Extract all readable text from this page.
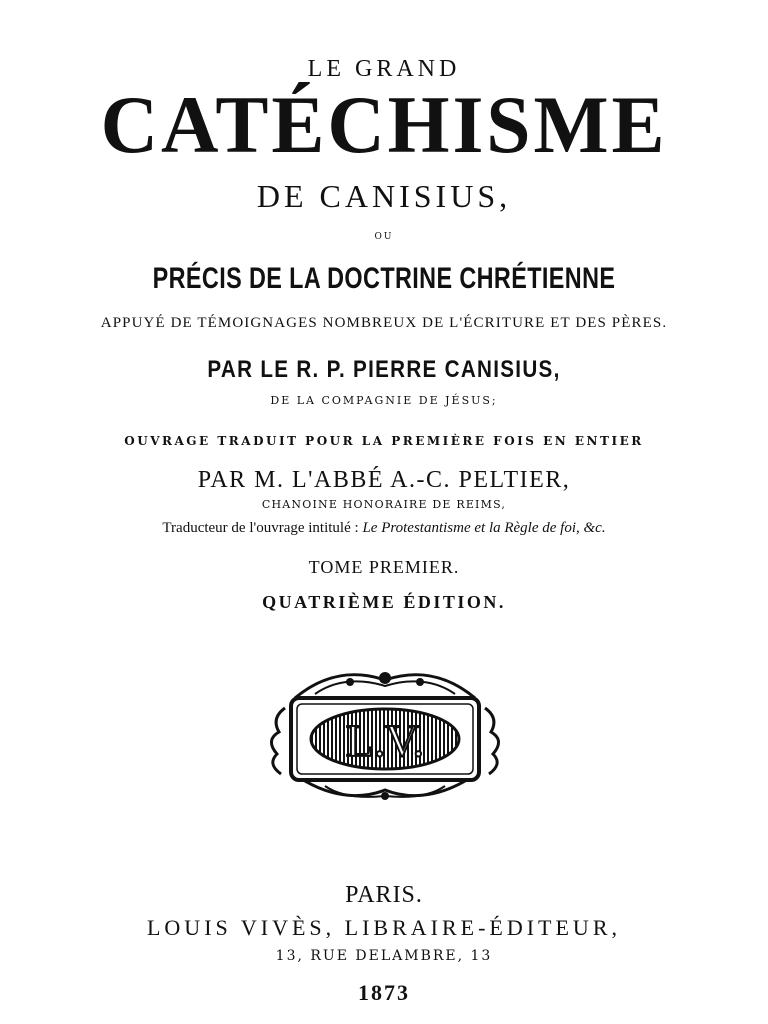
LE GRAND
CATÉCHISME
DE CANISIUS,
OU
PRÉCIS DE LA DOCTRINE CHRÉTIENNE
APPUYÉ DE TÉMOIGNAGES NOMBREUX DE L'ÉCRITURE ET DES PÈRES.
PAR LE R. P. PIERRE CANISIUS,
DE LA COMPAGNIE DE JÉSUS;
OUVRAGE TRADUIT POUR LA PREMIÈRE FOIS EN ENTIER
PAR M. L'ABBÉ A.-C. PELTIER,
CHANOINE HONORAIRE DE REIMS,
Traducteur de l'ouvrage intitulé : Le Protestantisme et la Règle de foi, &c.
TOME PREMIER.
QUATRIÈME ÉDITION.
L.V.
PARIS.
LOUIS VIVÈS, LIBRAIRE-ÉDITEUR,
13, RUE DELAMBRE, 13
1873
